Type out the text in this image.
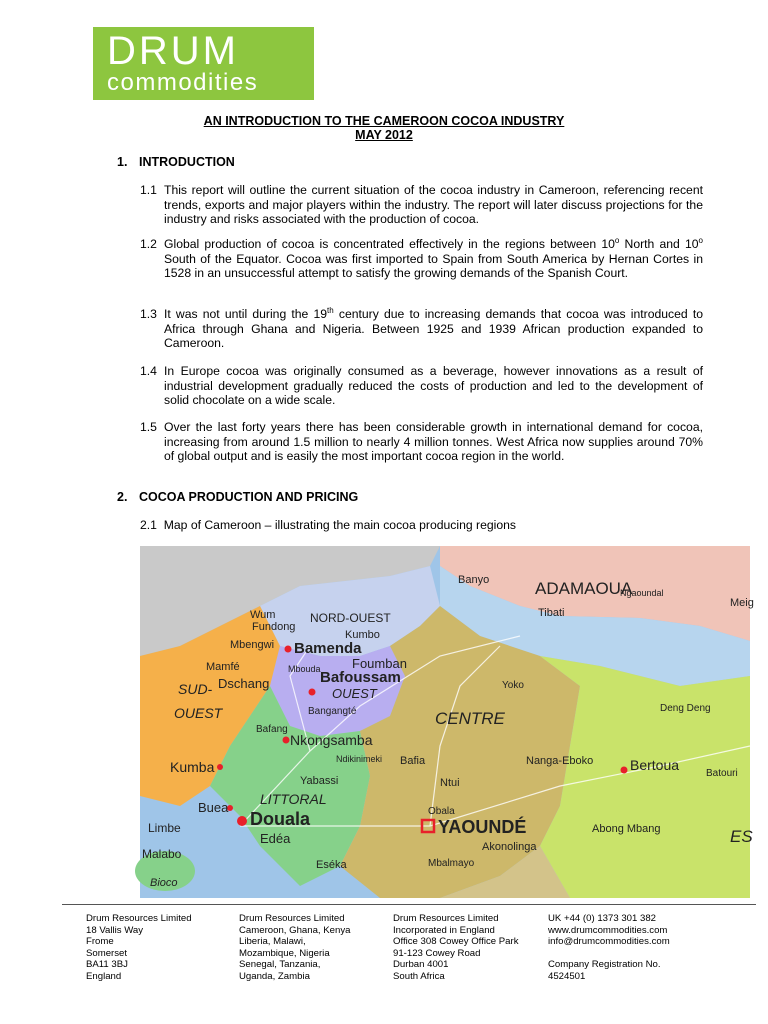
DRUM
commodities
AN INTRODUCTION TO THE CAMEROON COCOA INDUSTRY
MAY 2012
1. INTRODUCTION
1.1 This report will outline the current situation of the cocoa industry in Cameroon, referencing recent trends, exports and major players within the industry. The report will later discuss projections for the industry and risks associated with the production of cocoa.
1.2 Global production of cocoa is concentrated effectively in the regions between 10$^o$ North and 10$^o$ South of the Equator. Cocoa was first imported to Spain from South America by Hernan Cortes in 1528 in an unsuccessful attempt to satisfy the growing demands of the Spanish Court.
1.3 It was not until during the 19th century due to increasing demands that cocoa was introduced to Africa through Ghana and Nigeria. Between 1925 and 1939 African production expanded to Cameroon.
1.4 In Europe cocoa was originally consumed as a beverage, however innovations as a result of industrial development gradually reduced the costs of production and led to the development of solid chocolate on a wide scale.
1.5 Over the last forty years there has been considerable growth in international demand for cocoa, increasing from around 1.5 million to nearly 4 million tonnes. West Africa now supplies around 70% of global output and is easily the most important cocoa region in the world.
2. COCOA PRODUCTION AND PRICING
2.1 Map of Cameroon – illustrating the main cocoa producing regions
ADAMAOUA
NORD-OUEST
SUD-
OUEST
OUEST
CENTRE
LITTORAL
ES
Bamenda
Bafoussam
Foumban
Dschang
Nkongsamba
Kumba
Buea
Limbe	Douala
Edéa
YAOUNDÉ
Bertoua
Banyo
Tibati
Kumbo
Wum
Fundong
Mbengwi
Mamfé
Bafang
Bangangté
Bafia
Ntui
Obala
Akonolinga
Abong Mbang
Mbalmayo
Eséka
Nanga-Eboko
Malabo
Bioco
Yoko
Meig
Batouri
Deng Deng
Mbouda
Yabassi
Ngaoundal
Ndikinimeki
Drum Resources Limited
18 Vallis Way
Frome
Somerset
BA11 3BJ
England
Drum Resources Limited
Cameroon, Ghana, Kenya
Liberia, Malawi,
Mozambique, Nigeria
Senegal, Tanzania,
Uganda, Zambia
Drum Resources Limited
Incorporated in England
Office 308 Cowey Office Park
91-123 Cowey Road
Durban 4001
South Africa
UK +44 (0) 1373 301 382
www.drumcommodities.com
info@drumcommodities.com

Company Registration No.
4524501
